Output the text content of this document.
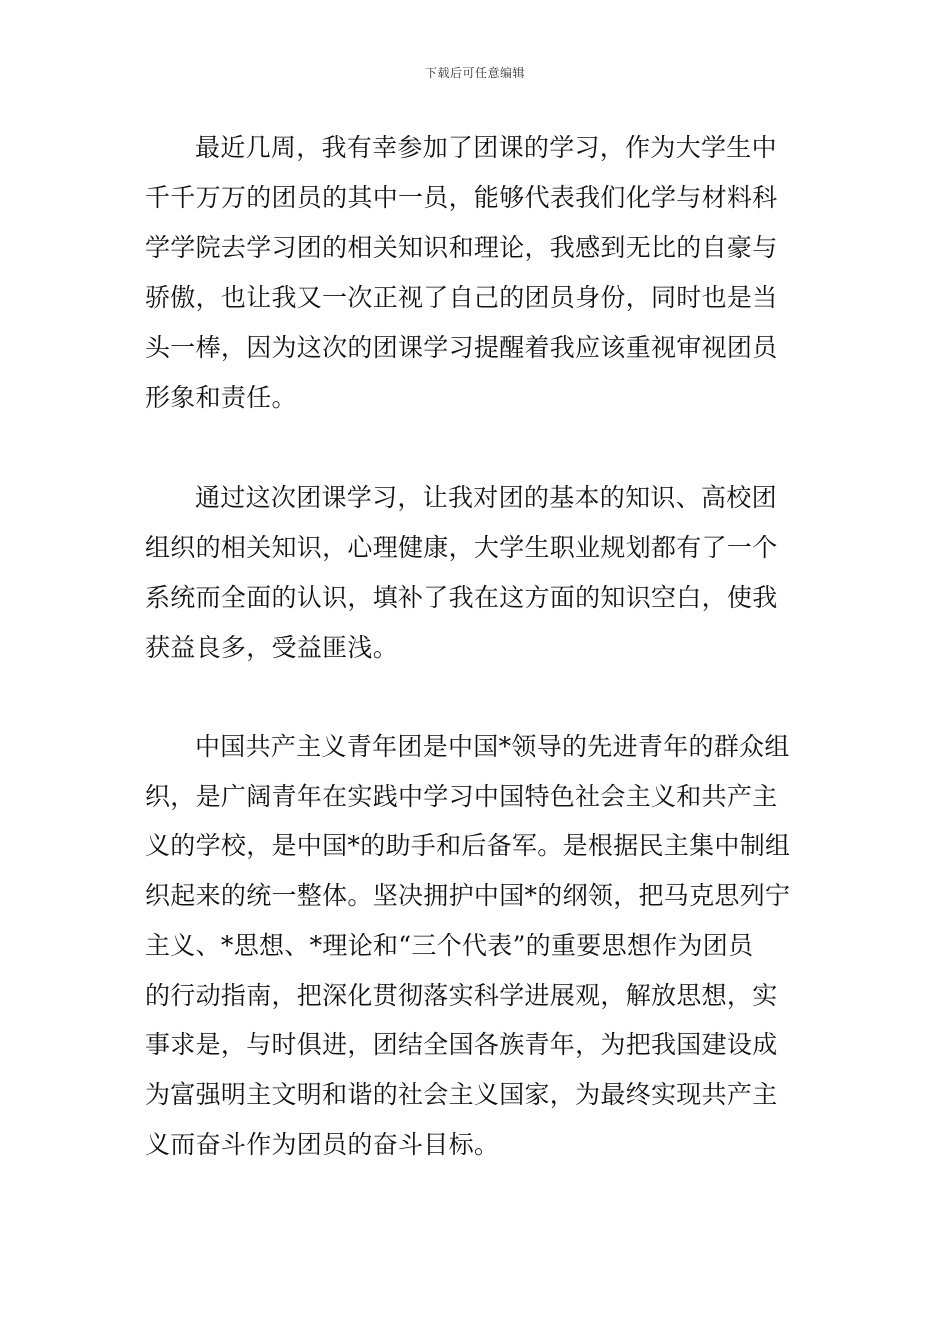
下载后可任意编辑
最近几周，我有幸参加了团课的学习，作为大学生中
千千万万的团员的其中一员，能够代表我们化学与材料科
学学院去学习团的相关知识和理论，我感到无比的自豪与
骄傲，也让我又一次正视了自己的团员身份，同时也是当
头一棒，因为这次的团课学习提醒着我应该重视审视团员
形象和责任。
通过这次团课学习，让我对团的基本的知识、高校团
组织的相关知识，心理健康，大学生职业规划都有了一个
系统而全面的认识，填补了我在这方面的知识空白，使我
获益良多，受益匪浅。
中国共产主义青年团是中国*领导的先进青年的群众组
织，是广阔青年在实践中学习中国特色社会主义和共产主
义的学校，是中国*的助手和后备军。是根据民主集中制组
织起来的统一整体。坚决拥护中国*的纲领，把马克思列宁
主义、*思想、*理论和“三个代表”的重要思想作为团员
的行动指南，把深化贯彻落实科学进展观，解放思想，实
事求是，与时俱进，团结全国各族青年，为把我国建设成
为富强明主文明和谐的社会主义国家，为最终实现共产主
义而奋斗作为团员的奋斗目标。
